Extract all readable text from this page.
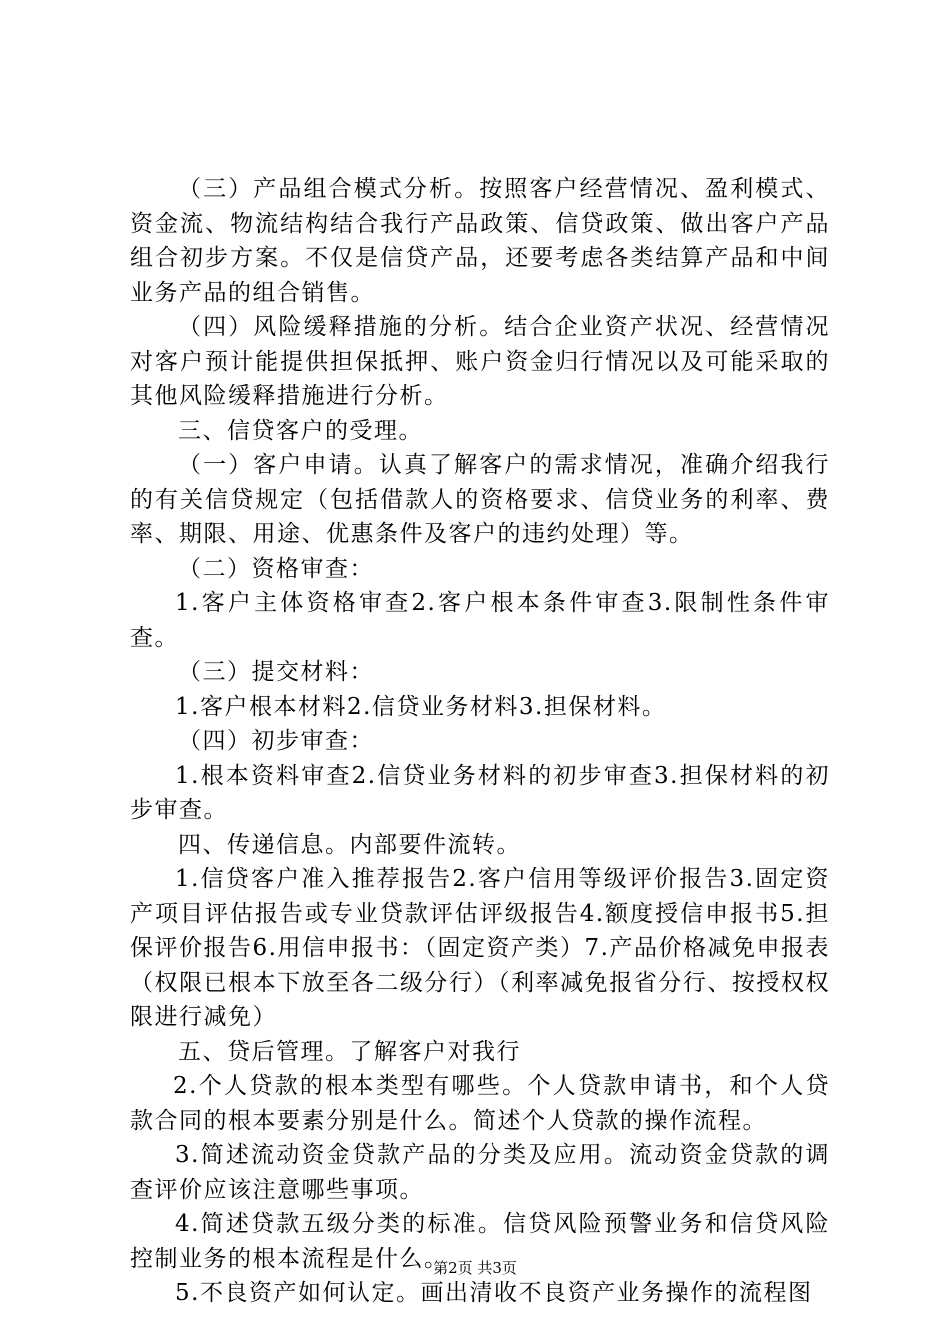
（三）产品组合模式分析。按照客户经营情况、盈利模式、资金流、物流结构结合我行产品政策、信贷政策、做出客户产品组合初步方案。不仅是信贷产品，还要考虑各类结算产品和中间业务产品的组合销售。

（四）风险缓释措施的分析。结合企业资产状况、经营情况对客户预计能提供担保抵押、账户资金归行情况以及可能采取的其他风险缓释措施进行分析。

三、信贷客户的受理。

（一）客户申请。认真了解客户的需求情况，准确介绍我行的有关信贷规定（包括借款人的资格要求、信贷业务的利率、费率、期限、用途、优惠条件及客户的违约处理）等。

（二）资格审查：

1.客户主体资格审查2.客户根本条件审查3.限制性条件审查。

（三）提交材料：

1.客户根本材料2.信贷业务材料3.担保材料。

（四）初步审查：

1.根本资料审查2.信贷业务材料的初步审查3.担保材料的初步审查。

四、传递信息。内部要件流转。

1.信贷客户准入推荐报告2.客户信用等级评价报告3.固定资产项目评估报告或专业贷款评估评级报告4.额度授信申报书5.担保评价报告6.用信申报书：（固定资产类）7.产品价格减免申报表（权限已根本下放至各二级分行）（利率减免报省分行、按授权权限进行减免）

五、贷后管理。了解客户对我行

2.个人贷款的根本类型有哪些。个人贷款申请书，和个人贷款合同的根本要素分别是什么。简述个人贷款的操作流程。

3.简述流动资金贷款产品的分类及应用。流动资金贷款的调查评价应该注意哪些事项。

4.简述贷款五级分类的标准。信贷风险预警业务和信贷风险控制业务的根本流程是什么。

5.不良资产如何认定。画出清收不良资产业务操作的流程图

第2页 共3页
